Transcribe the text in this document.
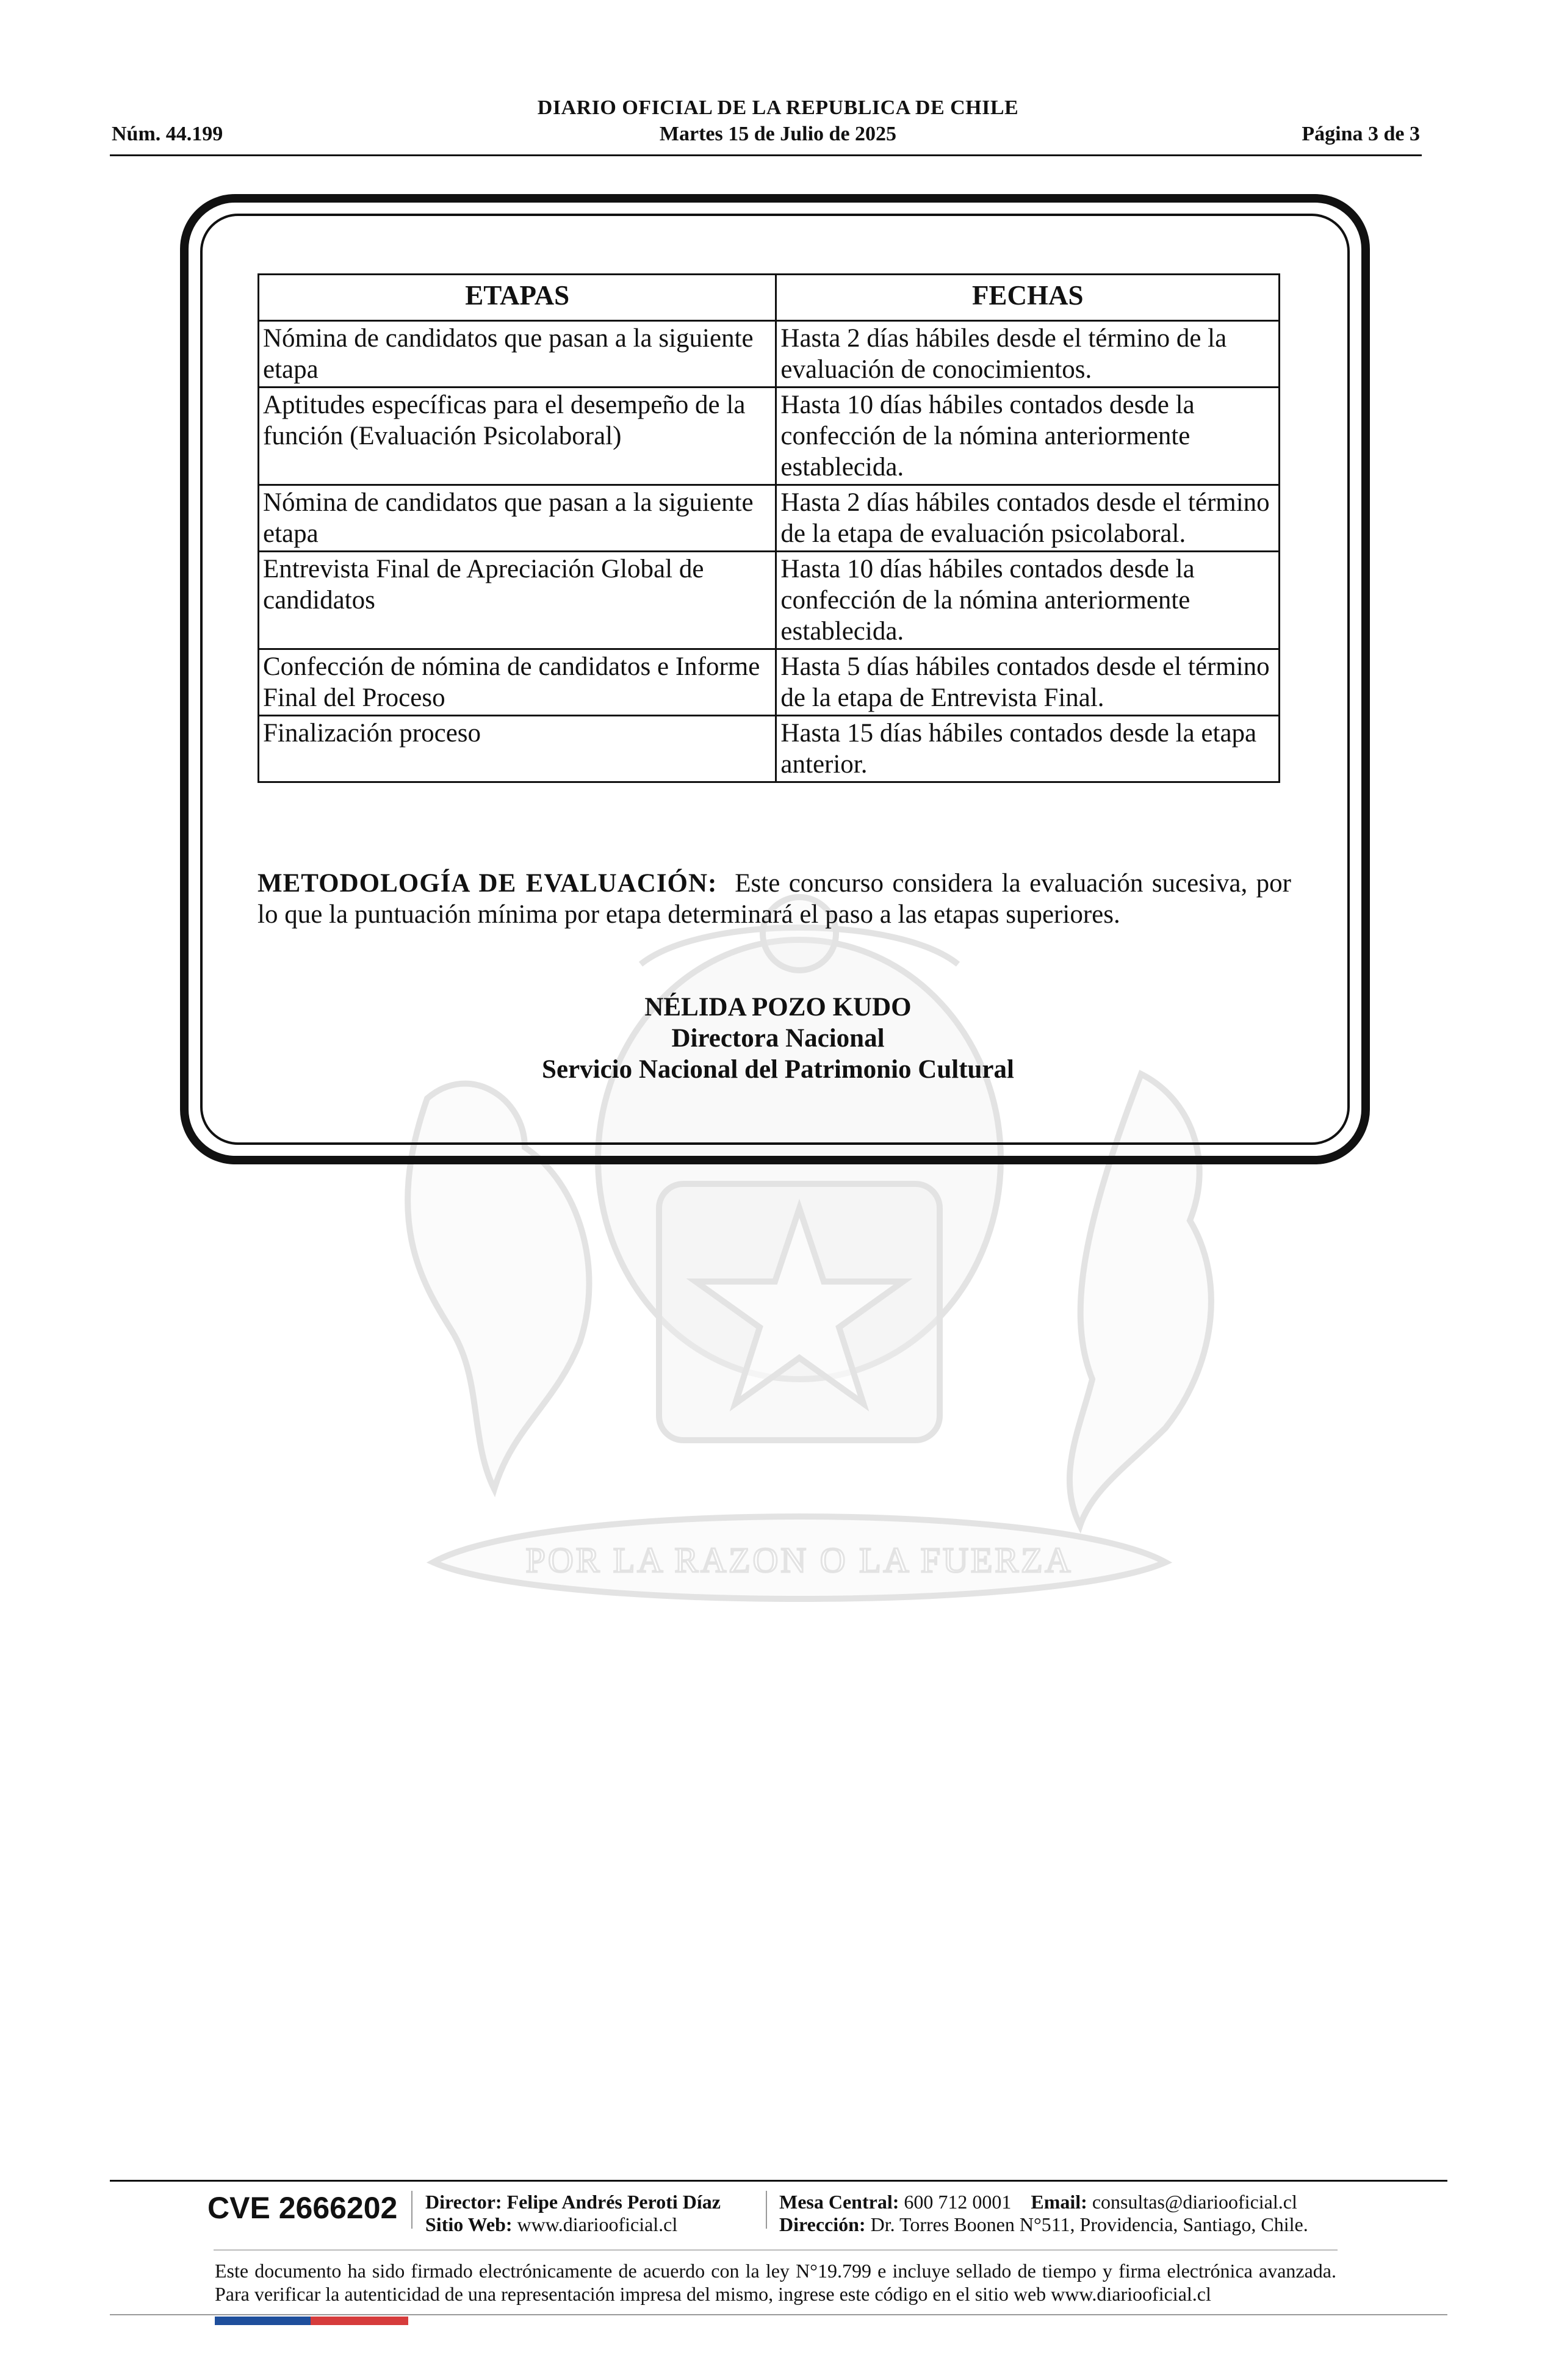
DIARIO OFICIAL DE LA REPUBLICA DE CHILE
Núm. 44.199	Martes 15 de Julio de 2025	Página 3 de 3
POR LA RAZON O LA FUERZA
ETAPAS	FECHAS
Nómina de candidatos que pasan a la siguiente etapa	Hasta 2 días hábiles desde el término de la evaluación de conocimientos.
Aptitudes específicas para el desempeño de la función (Evaluación Psicolaboral)	Hasta 10 días hábiles contados desde la confección de la nómina anteriormente establecida.
Nómina de candidatos que pasan a la siguiente etapa	Hasta 2 días hábiles contados desde el término de la etapa de evaluación psicolaboral.
Entrevista Final de Apreciación Global de candidatos	Hasta 10 días hábiles contados desde la confección de la nómina anteriormente establecida.
Confección de nómina de candidatos e Informe Final del Proceso	Hasta 5 días hábiles contados desde el término de la etapa de Entrevista Final.
Finalización proceso	Hasta 15 días hábiles contados desde la etapa anterior.
METODOLOGÍA DE EVALUACIÓN: Este concurso considera la evaluación sucesiva, por lo que la puntuación mínima por etapa determinará el paso a las etapas superiores.
NÉLIDA POZO KUDO
Directora Nacional
Servicio Nacional del Patrimonio Cultural
CVE 2666202 Director: Felipe Andrés Peroti Díaz
Sitio Web: www.diariooficial.cl
Mesa Central: 600 712 0001 Email: consultas@diariooficial.cl
Dirección: Dr. Torres Boonen N°511, Providencia, Santiago, Chile.
Este documento ha sido firmado electrónicamente de acuerdo con la ley N°19.799 e incluye sellado de tiempo y firma electrónica avanzada. Para verificar la autenticidad de una representación impresa del mismo, ingrese este código en el sitio web www.diariooficial.cl
